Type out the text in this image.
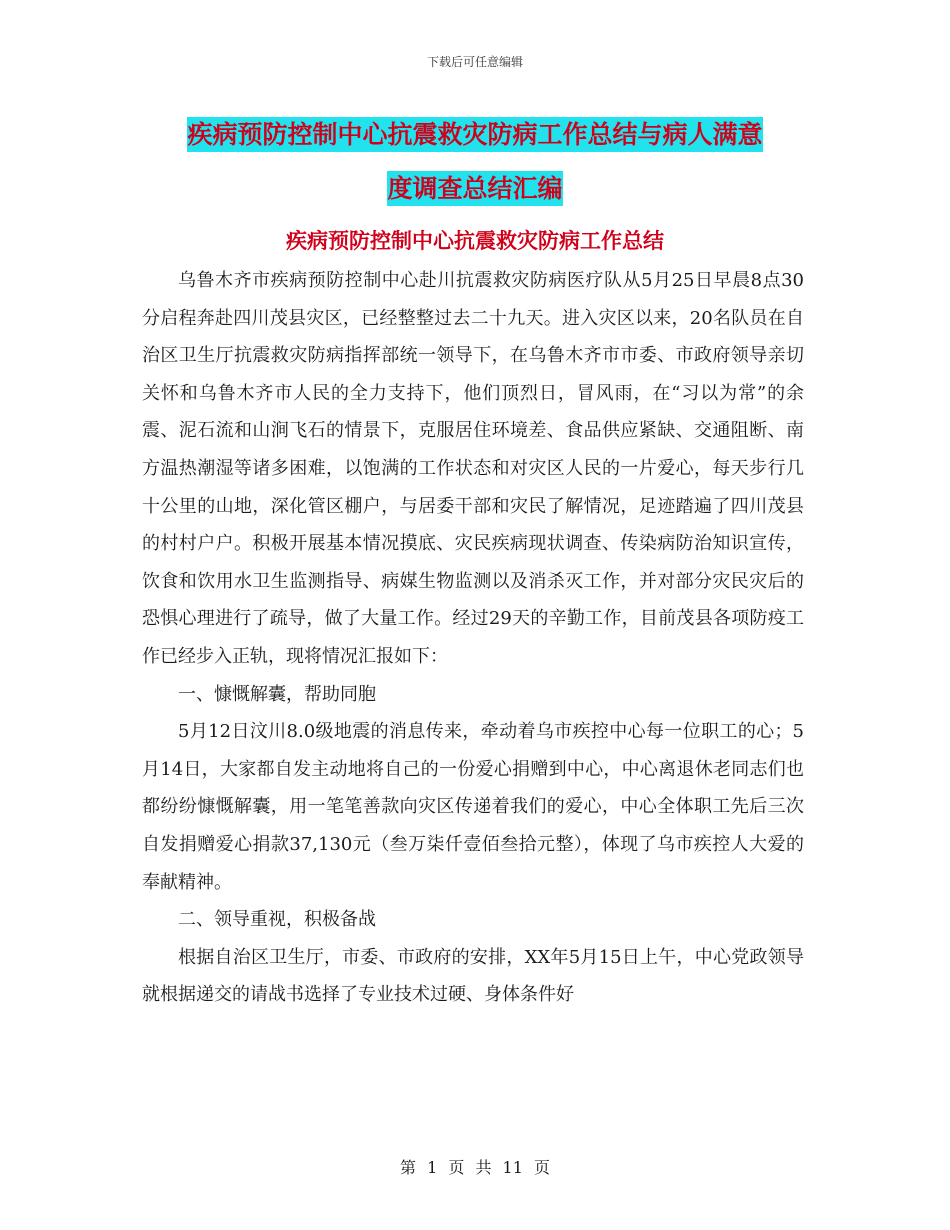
下载后可任意编辑
疾病预防控制中心抗震救灾防病工作总结与病人满意
度调查总结汇编
疾病预防控制中心抗震救灾防病工作总结

乌鲁木齐市疾病预防控制中心赴川抗震救灾防病医疗队从5月25日早晨8点30分启程奔赴四川茂县灾区，已经整整过去二十九天。进入灾区以来，20名队员在自治区卫生厅抗震救灾防病指挥部统一领导下，在乌鲁木齐市市委、市政府领导亲切关怀和乌鲁木齐市人民的全力支持下，他们顶烈日，冒风雨，在“习以为常”的余震、泥石流和山涧飞石的情景下，克服居住环境差、食品供应紧缺、交通阻断、南方温热潮湿等诸多困难，以饱满的工作状态和对灾区人民的一片爱心，每天步行几十公里的山地，深化管区棚户，与居委干部和灾民了解情况，足迹踏遍了四川茂县的村村户户。积极开展基本情况摸底、灾民疾病现状调查、传染病防治知识宣传，饮食和饮用水卫生监测指导、病媒生物监测以及消杀灭工作，并对部分灾民灾后的恐惧心理进行了疏导，做了大量工作。经过29天的辛勤工作，目前茂县各项防疫工作已经步入正轨，现将情况汇报如下：

一、慷慨解囊，帮助同胞

5月12日汶川8.0级地震的消息传来，牵动着乌市疾控中心每一位职工的心；5月14日，大家都自发主动地将自己的一份爱心捐赠到中心，中心离退休老同志们也都纷纷慷慨解囊，用一笔笔善款向灾区传递着我们的爱心，中心全体职工先后三次自发捐赠爱心捐款37,130元（叁万柒仟壹佰叁拾元整），体现了乌市疾控人大爱的奉献精神。

二、领导重视，积极备战

根据自治区卫生厅，市委、市政府的安排，XX年5月15日上午，中心党政领导就根据递交的请战书选择了专业技术过硬、身体条件好

第 1 页 共 11 页
